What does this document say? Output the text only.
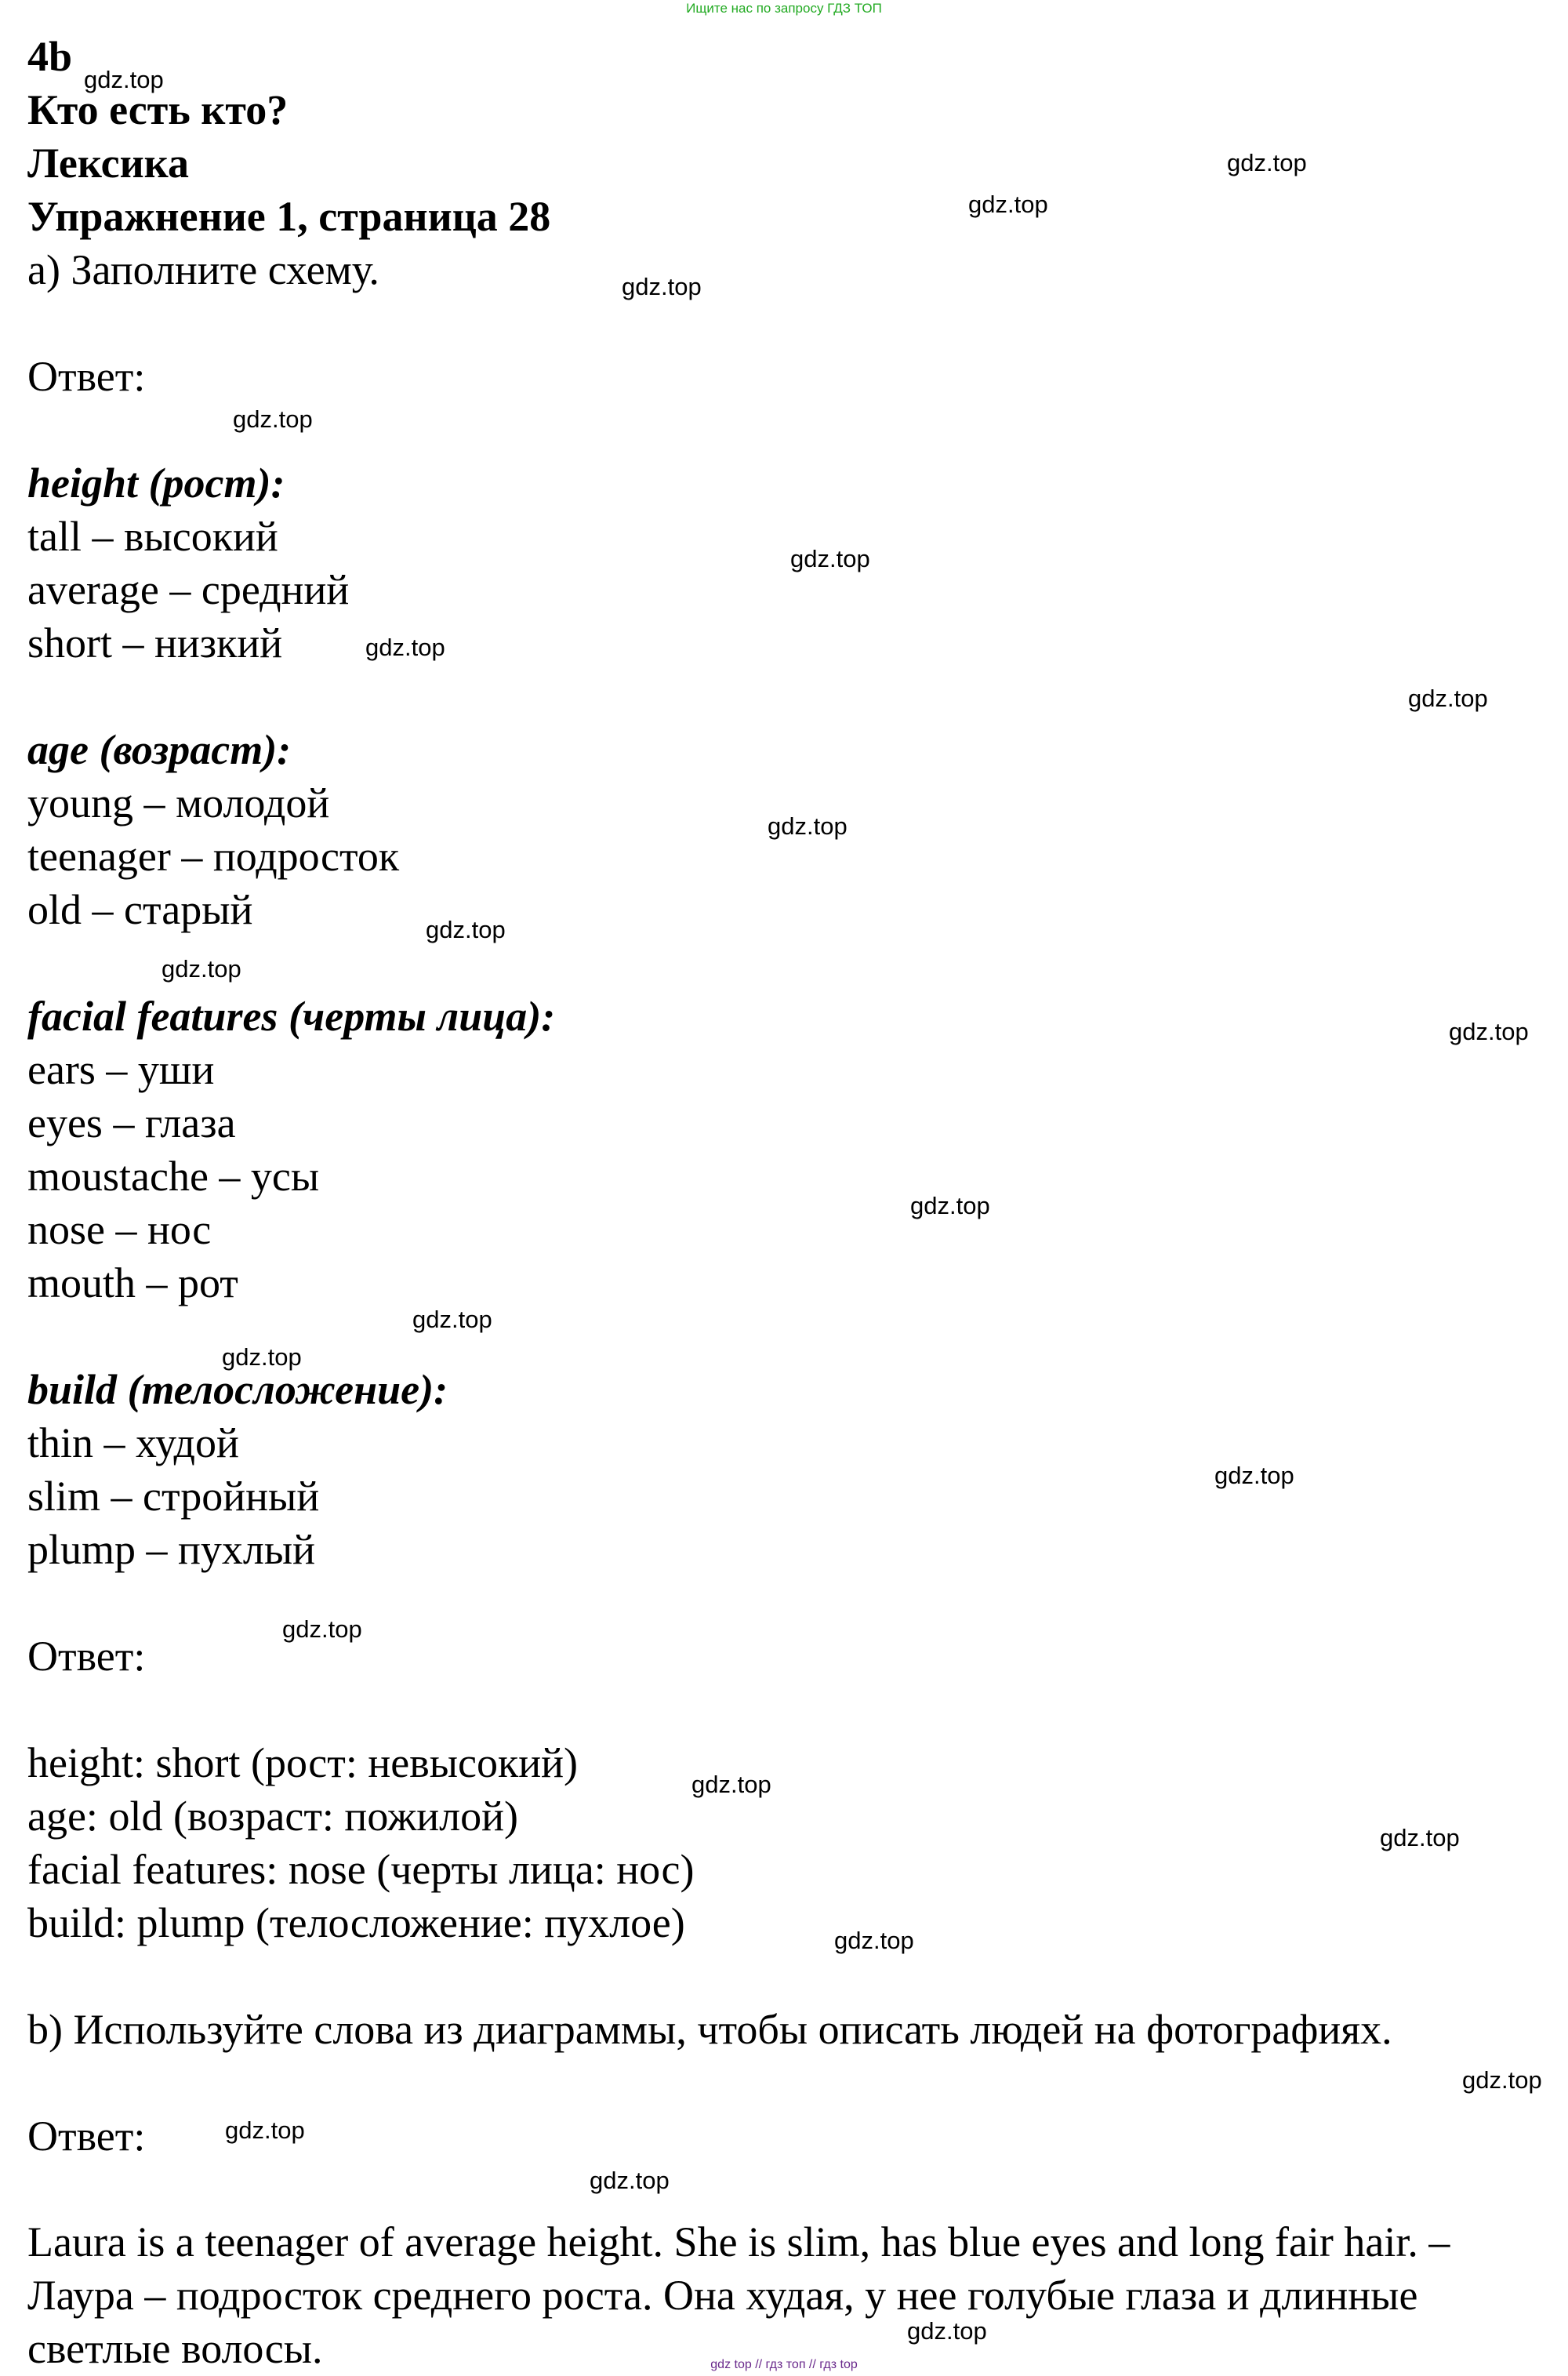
Ищите нас по запросу ГДЗ ТОП
4b
Кто есть кто?
Лексика
Упражнение 1, страница 28
a) Заполните схему.
Ответ:
height (рост):
tall – высокий
average – средний
short – низкий
age (возраст):
young – молодой
teenager – подросток
old – старый
facial features (черты лица):
ears – уши
eyes – глаза
moustache – усы
nose – нос
mouth – рот
build (телосложение):
thin – худой
slim – стройный
plump – пухлый
Ответ:
height: short (рост: невысокий)
age: old (возраст: пожилой)
facial features: nose (черты лица: нос)
build: plump (телосложение: пухлое)
b) Используйте слова из диаграммы, чтобы описать людей на фотографиях.
Ответ:
Laura is a teenager of average height. She is slim, has blue eyes and long fair hair. – Лаура – подросток среднего роста. Она худая, у нее голубые глаза и длинные светлые волосы.
gdz.top
gdz.top
gdz.top
gdz.top
gdz.top
gdz.top
gdz.top
gdz.top
gdz.top
gdz.top
gdz.top
gdz.top
gdz.top
gdz.top
gdz.top
gdz.top
gdz.top
gdz.top
gdz.top
gdz.top
gdz.top
gdz.top
gdz.top
gdz.top
gdz top // гдз топ // гдз top
